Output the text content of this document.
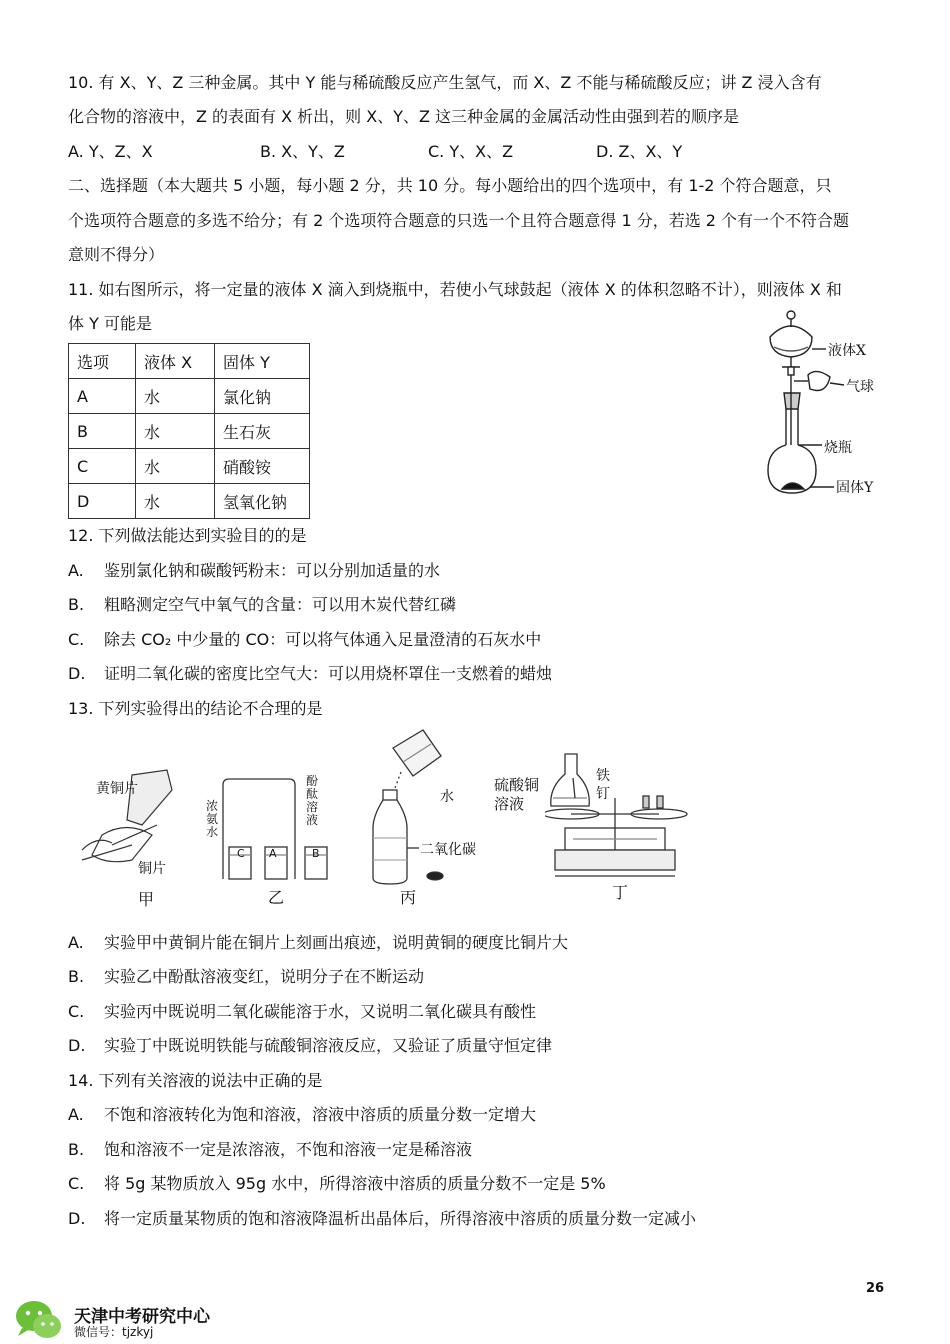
10. 有 X、Y、Z 三种金属。其中 Y 能与稀硫酸反应产生氢气，而 X、Z 不能与稀硫酸反应；讲 Z 浸入含有
化合物的溶液中，Z 的表面有 X 析出，则 X、Y、Z 这三种金属的金属活动性由强到若的顺序是
A. Y、Z、X	B. X、Y、Z	C. Y、X、Z	D. Z、X、Y
二、选择题（本大题共 5 小题，每小题 2 分，共 10 分。每小题给出的四个选项中，有 1-2 个符合题意，只
个选项符合题意的多选不给分；有 2 个选项符合题意的只选一个且符合题意得 1 分，若选 2 个有一个不符合题
意则不得分）
11. 如右图所示，将一定量的液体 X 滴入到烧瓶中，若使小气球鼓起（液体 X 的体积忽略不计），则液体 X 和
体 Y 可能是
选项	液体 X	固体 Y
A	水	氯化钠
B	水	生石灰
C	水	硝酸铵
D	水	氢氧化钠
液体X
气球
烧瓶
固体Y
12. 下列做法能达到实验目的的是
A. 鉴别氯化钠和碳酸钙粉末：可以分别加适量的水
B. 粗略测定空气中氧气的含量：可以用木炭代替红磷
C. 除去 CO₂ 中少量的 CO：可以将气体通入足量澄清的石灰水中
D. 证明二氧化碳的密度比空气大：可以用烧杯罩住一支燃着的蜡烛
13. 下列实验得出的结论不合理的是
黄铜片
铜片
甲
浓氨水
酚酞溶液
C A	B
乙
水
二氧化碳
丙
硫酸铜溶液
铁钉
丁
A. 实验甲中黄铜片能在铜片上刻画出痕迹，说明黄铜的硬度比铜片大
B. 实验乙中酚酞溶液变红，说明分子在不断运动
C. 实验丙中既说明二氧化碳能溶于水，又说明二氧化碳具有酸性
D. 实验丁中既说明铁能与硫酸铜溶液反应，又验证了质量守恒定律
14. 下列有关溶液的说法中正确的是
A. 不饱和溶液转化为饱和溶液，溶液中溶质的质量分数一定增大
B. 饱和溶液不一定是浓溶液，不饱和溶液一定是稀溶液
C. 将 5g 某物质放入 95g 水中，所得溶液中溶质的质量分数不一定是 5%
D. 将一定质量某物质的饱和溶液降温析出晶体后，所得溶液中溶质的质量分数一定减小
26
天津中考研究中心
微信号：tjzkyj
